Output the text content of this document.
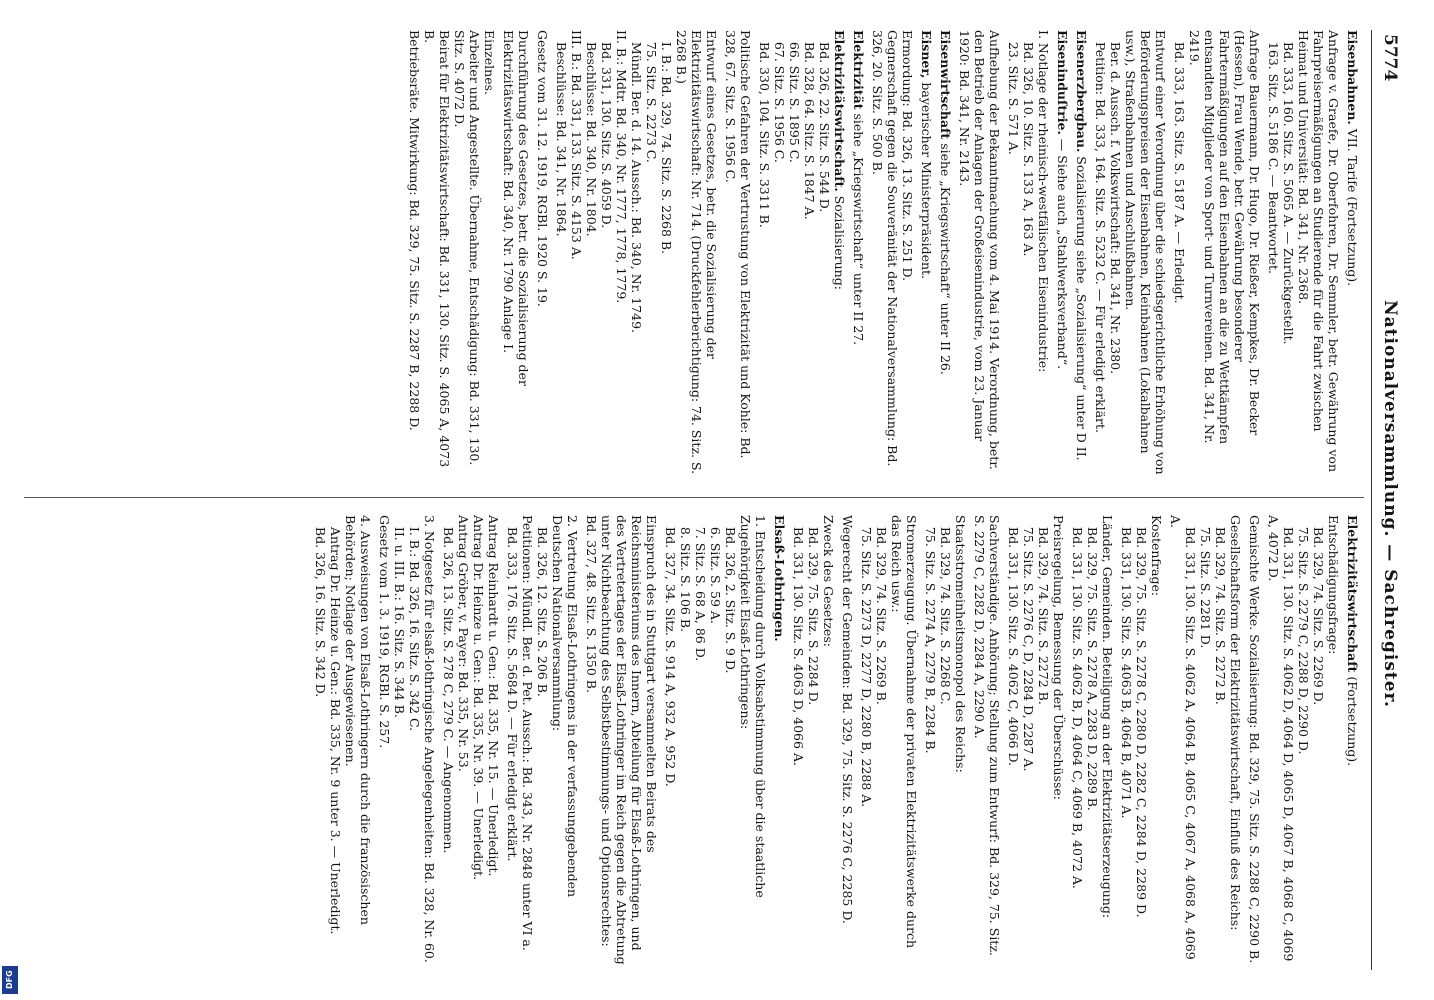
5774
Nationalversammlung. — Sachregister.

Eisenbahnen. VII. Tarife (Fortsetzung).

Anfrage v. Graefe, Dr. Oberfohren, Dr. Semmler, betr. Gewährung von Fahrpreisermäßigungen an Studierende für die Fahrt zwischen Heimat und Universität: Bd. 341, Nr. 2368.
Bd. 333, 160. Sitz. S. 5065 A. — Zurückgestellt.
163. Sitz. S. 5186 C. — Beantwortet.

Anfrage Bauermann, Dr. Hugo, Dr. Rießer, Kempkes, Dr. Becker (Hessen), Frau Wende, betr. Gewährung besonderer Fahrtermäßigungen auf den Eisenbahnen an die zu Wettkämpfen entsandten Mitglieder von Sport- und Turnvereinen. Bd. 341, Nr. 2419.
Bd. 333, 163. Sitz. S. 5187 A. — Erledigt.

Entwurf einer Verordnung über die schiedsgerichtliche Erhöhung von Beförderungspreisen der Eisenbahnen, Kleinbahnen (Lokalbahnen usw.), Straßenbahnen und Anschlußbahnen.
Ber. d. Aussch. f. Volkswirtschaft: Bd. 341, Nr. 2380.
Petition: Bd. 333, 164. Sitz. S. 5232 C. — Für erledigt erklärt.

Eisenerzbergbau. Sozialisierung siehe „Sozialisierung“ unter D II.

Eiseninduſtrie. — Siehe auch „Stahlwerksverband“.

I. Notlage der rheinisch-westfälischen Eisenindustrie:
Bd. 326, 10. Sitz. S. 133 A, 163 A.
23. Sitz. S. 571 A.

Aufhebung der Bekanntmachung vom 4. Mai 1914. Verordnung, betr. den Betrieb der Anlagen der Großeisenindustrie, vom 23. Januar 1920: Bd. 341, Nr. 2143.

Eisenwirtschaft siehe „Kriegswirtschaft“ unter II 26.

Eisner, bayerischer Ministerpräsident.

Ermordung: Bd. 326, 13. Sitz. S. 251 D.
Gegnerschaft gegen die Souveränität der Nationalversammlung: Bd. 326, 20. Sitz. S. 500 B.

Elektrizität siehe „Kriegswirtschaft“ unter II 27.

Elektrizitätswirtschaft. Sozialisierung:
Bd. 326, 22. Sitz. S. 544 D.
Bd. 328, 64. Sitz. S. 1847 A.
66. Sitz. S. 1895 C.
67. Sitz. S. 1956 C.
Bd. 330, 104. Sitz. S. 3311 B.

Politische Gefahren der Vertrustung von Elektrizität und Kohle: Bd. 328, 67. Sitz. S. 1956 C.

Entwurf eines Gesetzes, betr. die Sozialisierung der Elektrizitätswirtschaft: Nr. 714. (Druckfehlerberichtigung: 74. Sitz. S. 2268 B.)
I. B.: Bd. 329, 74. Sitz. S. 2268 B.
75. Sitz. S. 2273 C.
Mündl. Ber. d. 14. Aussch.: Bd. 340, Nr. 1749.
II. B.: Mdtr. Bd. 340, Nr. 1777, 1778, 1779.
Bd. 331, 130. Sitz. S. 4059 D.
Beschlüsse: Bd. 340, Nr. 1804.
III. B.: Bd. 331, 133. Sitz. S. 4153 A.
Beschlüsse: Bd. 341, Nr. 1864.

Gesetz vom 31. 12. 1919, RGBl. 1920 S. 19.

Durchführung des Gesetzes, betr. die Sozialisierung der Elektrizitätswirtschaft: Bd. 340, Nr. 1790 Anlage I.

Einzelnes.
Arbeiter und Angestellte. Übernahme, Entschädigung: Bd. 331, 130. Sitz. S. 4072 D.
Beirat für Elektrizitätswirtschaft: Bd. 331, 130. Sitz. S. 4065 A, 4073 B.
Betriebsräte. Mitwirkung: Bd. 329, 75. Sitz. S. 2287 B, 2288 D.

Elektrizitätswirtschaft (Fortsetzung).

Entschädigungsfrage:
Bd. 329, 74. Sitz. S. 2269 D.
75. Sitz. S. 2279 C, 2288 D, 2290 D.
Bd. 331, 130. Sitz. S. 4062 D, 4064 D, 4065 D, 4067 B, 4068 C, 4069 A, 4072 D.

Gemischte Werke. Sozialisierung: Bd. 329, 75. Sitz. S. 2288 C, 2290 B.

Gesellschaftsform der Elektrizitätswirtschaft, Einfluß des Reichs:
Bd. 329, 74. Sitz. S. 2272 B.
75. Sitz. S. 2281 D.
Bd. 331, 130. Sitz. S. 4062 A, 4064 B, 4065 C, 4067 A, 4068 A, 4069 A.

Kostenfrage:
Bd. 329, 75. Sitz. S. 2278 C, 2280 D, 2282 C, 2284 D, 2289 D.
Bd. 331, 130. Sitz. S. 4063 B, 4064 B, 4071 A.

Länder, Gemeinden. Beteiligung an der Elektrizitätserzeugung:
Bd. 329, 75. Sitz. S. 2278 A, 2283 D, 2289 B.
Bd. 331, 130. Sitz. S. 4062 B, D, 4064 C, 4069 B, 4072 A.

Preisregelung, Bemessung der Überschüsse:
Bd. 329, 74. Sitz. S. 2272 B.
75. Sitz. S. 2276 C, D, 2284 D, 2287 A.
Bd. 331, 130. Sitz. S. 4062 C, 4066 D.

Sachverständige. Anhörung; Stellung zum Entwurf: Bd. 329, 75. Sitz. S. 2279 C, 2282 D, 2284 A, 2290 A.

Staatsstromeinheitsmonopol des Reichs:
Bd. 329, 74. Sitz. S. 2268 C.
75. Sitz. S. 2274 A, 2279 B, 2284 B.

Stromerzeugung. Übernahme der privaten Elektrizitätswerke durch das Reich usw.:
Bd. 329, 74. Sitz. S. 2269 B.
75. Sitz. S. 2273 D, 2277 D, 2280 B, 2288 A.

Wegerecht der Gemeinden: Bd. 329, 75. Sitz. S. 2276 C, 2285 D.

Zweck des Gesetzes:
Bd. 329, 75. Sitz. S. 2284 D.
Bd. 331, 130. Sitz. S. 4063 D, 4066 A.

Elsaß-Lothringen.

1. Entscheidung durch Volksabstimmung über die staatliche Zugehörigkeit Elsaß-Lothringens:
Bd. 326, 2. Sitz. S. 9 D.
6. Sitz. S. 59 A.
7. Sitz. S. 68 A, 86 D.
8. Sitz. S. 106 B.
Bd. 327, 34. Sitz. S. 914 A, 932 A, 952 D.

Einspruch des in Stuttgart versammelten Beirats des Reichsministeriums des Innern, Abteilung für Elsaß-Lothringen, und des Vertretertages der Elsaß-Lothringer im Reich gegen die Abtretung unter Nichtbeachtung des Selbstbestimmungs- und Optionsrechtes: Bd. 327, 48. Sitz. S. 1350 B.

2. Vertretung Elsaß-Lothringens in der verfassunggebenden Deutschen Nationalversammlung:
Bd. 326, 12. Sitz. S. 206 B.
Petitionen: Mündl. Ber. d. Pet. Aussch.: Bd. 343, Nr. 2848 unter VI a.
Bd. 333, 176. Sitz. S. 5684 D. — Für erledigt erklärt.

Antrag Reinhardt u. Gen.: Bd. 335, Nr. 15. — Unerledigt.
Antrag Dr. Heinze u. Gen.: Bd. 335, Nr. 39. — Unerledigt.
Antrag Gröber, v. Payer: Bd. 335, Nr. 53.
Bd. 326, 13. Sitz. S. 278 C, 279 C. — Angenommen.

3. Notgesetz für elsaß-lothringische Angelegenheiten: Bd. 328, Nr. 60.
I. B.: Bd. 326, 16. Sitz. S. 342 C.
II. u. III. B.: 16. Sitz. S. 344 B.
Gesetz vom 1. 3. 1919, RGBl. S. 257.

4. Ausweisungen von Elsaß-Lothringern durch die französischen Behörden; Notlage der Ausgewiesenen.
Antrag Dr. Heinze u. Gen.: Bd. 335, Nr. 9 unter 3. — Unerledigt.
Bd. 326, 16. Sitz. S. 342 D.

DFG
